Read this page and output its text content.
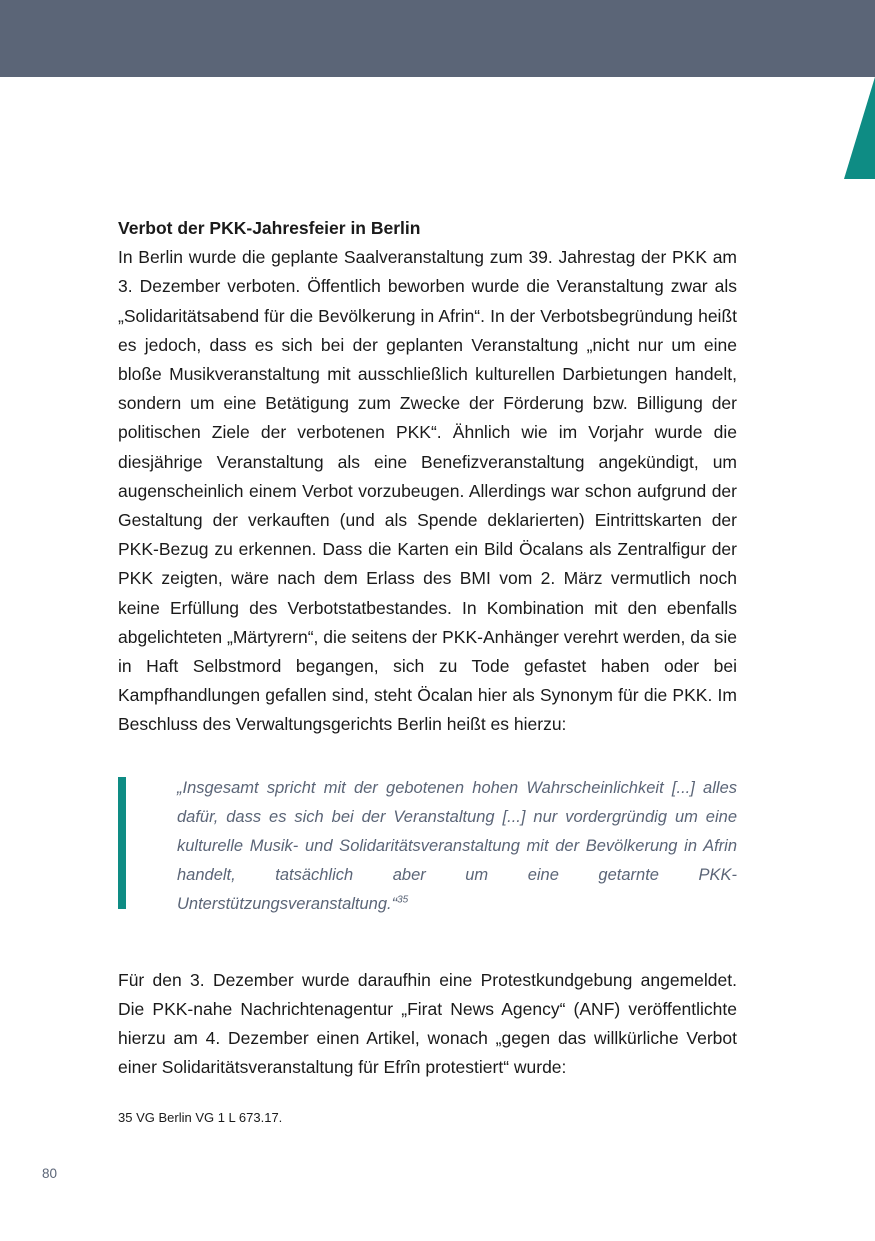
Verbot der PKK-Jahresfeier in Berlin

In Berlin wurde die geplante Saalveranstaltung zum 39. Jahrestag der PKK am 3. Dezember verboten. Öffentlich beworben wurde die Veranstaltung zwar als „Solidaritätsabend für die Bevölkerung in Afrin“. In der Verbotsbegründung heißt es jedoch, dass es sich bei der geplanten Veranstaltung „nicht nur um eine bloße Musikveranstaltung mit ausschließlich kulturellen Darbietungen handelt, sondern um eine Betätigung zum Zwecke der Förderung bzw. Billigung der politischen Ziele der verbotenen PKK“. Ähnlich wie im Vorjahr wurde die diesjährige Veranstaltung als eine Benefizveranstaltung angekündigt, um augenscheinlich einem Verbot vorzubeugen. Allerdings war schon aufgrund der Gestaltung der verkauften (und als Spende deklarierten) Eintrittskarten der PKK-Bezug zu erkennen. Dass die Karten ein Bild Öcalans als Zentralfigur der PKK zeigten, wäre nach dem Erlass des BMI vom 2. März vermutlich noch keine Erfüllung des Verbotstatbestandes. In Kombination mit den ebenfalls abgelichteten „Märtyrern“, die seitens der PKK-Anhänger verehrt werden, da sie in Haft Selbstmord begangen, sich zu Tode gefastet haben oder bei Kampfhandlungen gefallen sind, steht Öcalan hier als Synonym für die PKK. Im Beschluss des Verwaltungsgerichts Berlin heißt es hierzu:

„Insgesamt spricht mit der gebotenen hohen Wahrscheinlichkeit [...] alles dafür, dass es sich bei der Veranstaltung [...] nur vordergründig um eine kulturelle Musik- und Solidaritätsveranstaltung mit der Bevölkerung in Afrin handelt, tatsächlich aber um eine getarnte PKK-Unterstützungsveranstaltung.“$^{35}$

Für den 3. Dezember wurde daraufhin eine Protestkundgebung angemeldet. Die PKK-nahe Nachrichtenagentur „Firat News Agency“ (ANF) veröffentlichte hierzu am 4. Dezember einen Artikel, wonach „gegen das willkürliche Verbot einer Solidaritätsveranstaltung für Efrîn protestiert“ wurde:

35 VG Berlin VG 1 L 673.17.
80
